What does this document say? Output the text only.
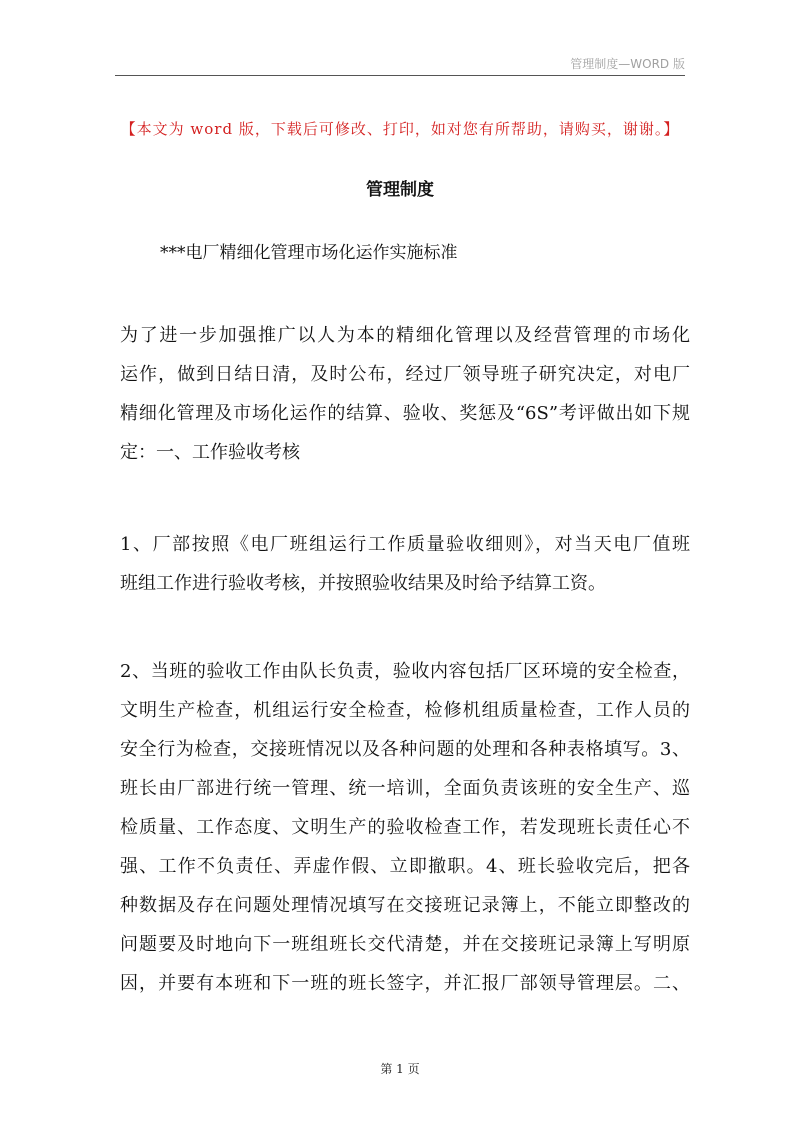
管理制度—WORD 版
【本文为 word 版，下载后可修改、打印，如对您有所帮助，请购买，谢谢。】
管理制度
***电厂精细化管理市场化运作实施标准
为了进一步加强推广以人为本的精细化管理以及经营管理的市场化
运作，做到日结日清，及时公布，经过厂领导班子研究决定，对电厂
精细化管理及市场化运作的结算、验收、奖惩及“6S”考评做出如下规
定：一、工作验收考核
1、厂部按照《电厂班组运行工作质量验收细则》，对当天电厂值班
班组工作进行验收考核，并按照验收结果及时给予结算工资。
2、当班的验收工作由队长负责，验收内容包括厂区环境的安全检查，
文明生产检查，机组运行安全检查，检修机组质量检查，工作人员的
安全行为检查，交接班情况以及各种问题的处理和各种表格填写。3、
班长由厂部进行统一管理、统一培训，全面负责该班的安全生产、巡
检质量、工作态度、文明生产的验收检查工作，若发现班长责任心不
强、工作不负责任、弄虚作假、立即撤职。4、班长验收完后，把各
种数据及存在问题处理情况填写在交接班记录簿上，不能立即整改的
问题要及时地向下一班组班长交代清楚，并在交接班记录簿上写明原
因，并要有本班和下一班的班长签字，并汇报厂部领导管理层。二、
第 1 页
